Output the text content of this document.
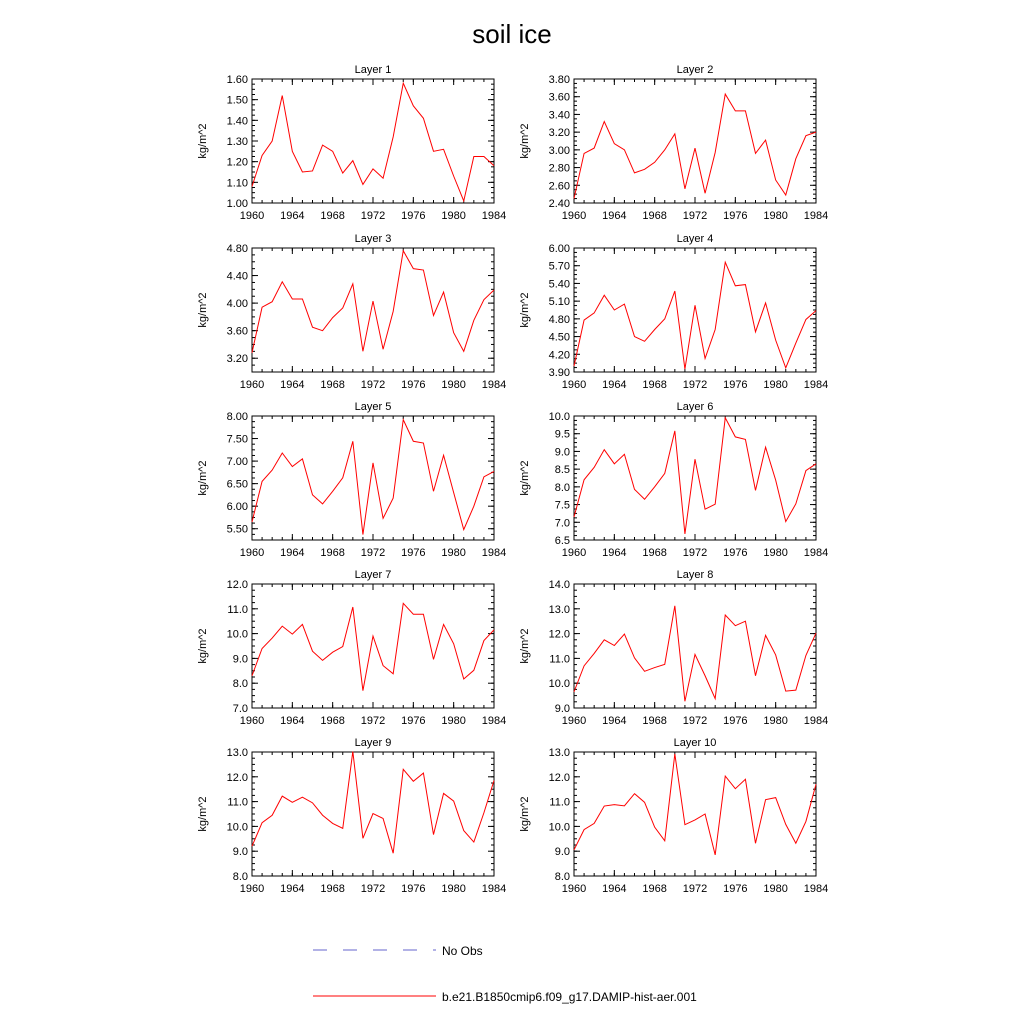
soil ice
Layer 1
kg/m^2
1960 1964 1968 1972 1976 1980 1984
1.00
1.10
1.20
1.30
1.40
1.50
1.60
Layer 2
kg/m^2
1960 1964 1968 1972 1976 1980 1984
2.40
2.60
2.80
3.00
3.20
3.40
3.60
3.80
Layer 3
kg/m^2
1960 1964 1968 1972 1976 1980 1984
3.20
3.60
4.00
4.40
4.80
Layer 4
kg/m^2
1960 1964 1968 1972 1976 1980 1984
3.90
4.20
4.50
4.80
5.10
5.40
5.70
6.00
Layer 5
kg/m^2
1960 1964 1968 1972 1976 1980 1984
5.50
6.00
6.50
7.00
7.50
8.00
Layer 6
kg/m^2
1960 1964 1968 1972 1976 1980 1984
6.5
7.0
7.5
8.0
8.5
9.0
9.5
10.0
Layer 7
kg/m^2
1960 1964 1968 1972 1976 1980 1984
7.0
8.0
9.0
10.0
11.0
12.0
Layer 8
kg/m^2
1960 1964 1968 1972 1976 1980 1984
9.0
10.0
11.0
12.0
13.0
14.0
Layer 9
kg/m^2
1960 1964 1968 1972 1976 1980 1984
8.0
9.0
10.0
11.0
12.0
13.0
Layer 10
kg/m^2
1960 1964 1968 1972 1976 1980 1984
8.0
9.0
10.0
11.0
12.0
13.0
No Obs
b.e21.B1850cmip6.f09_g17.DAMIP-hist-aer.001
